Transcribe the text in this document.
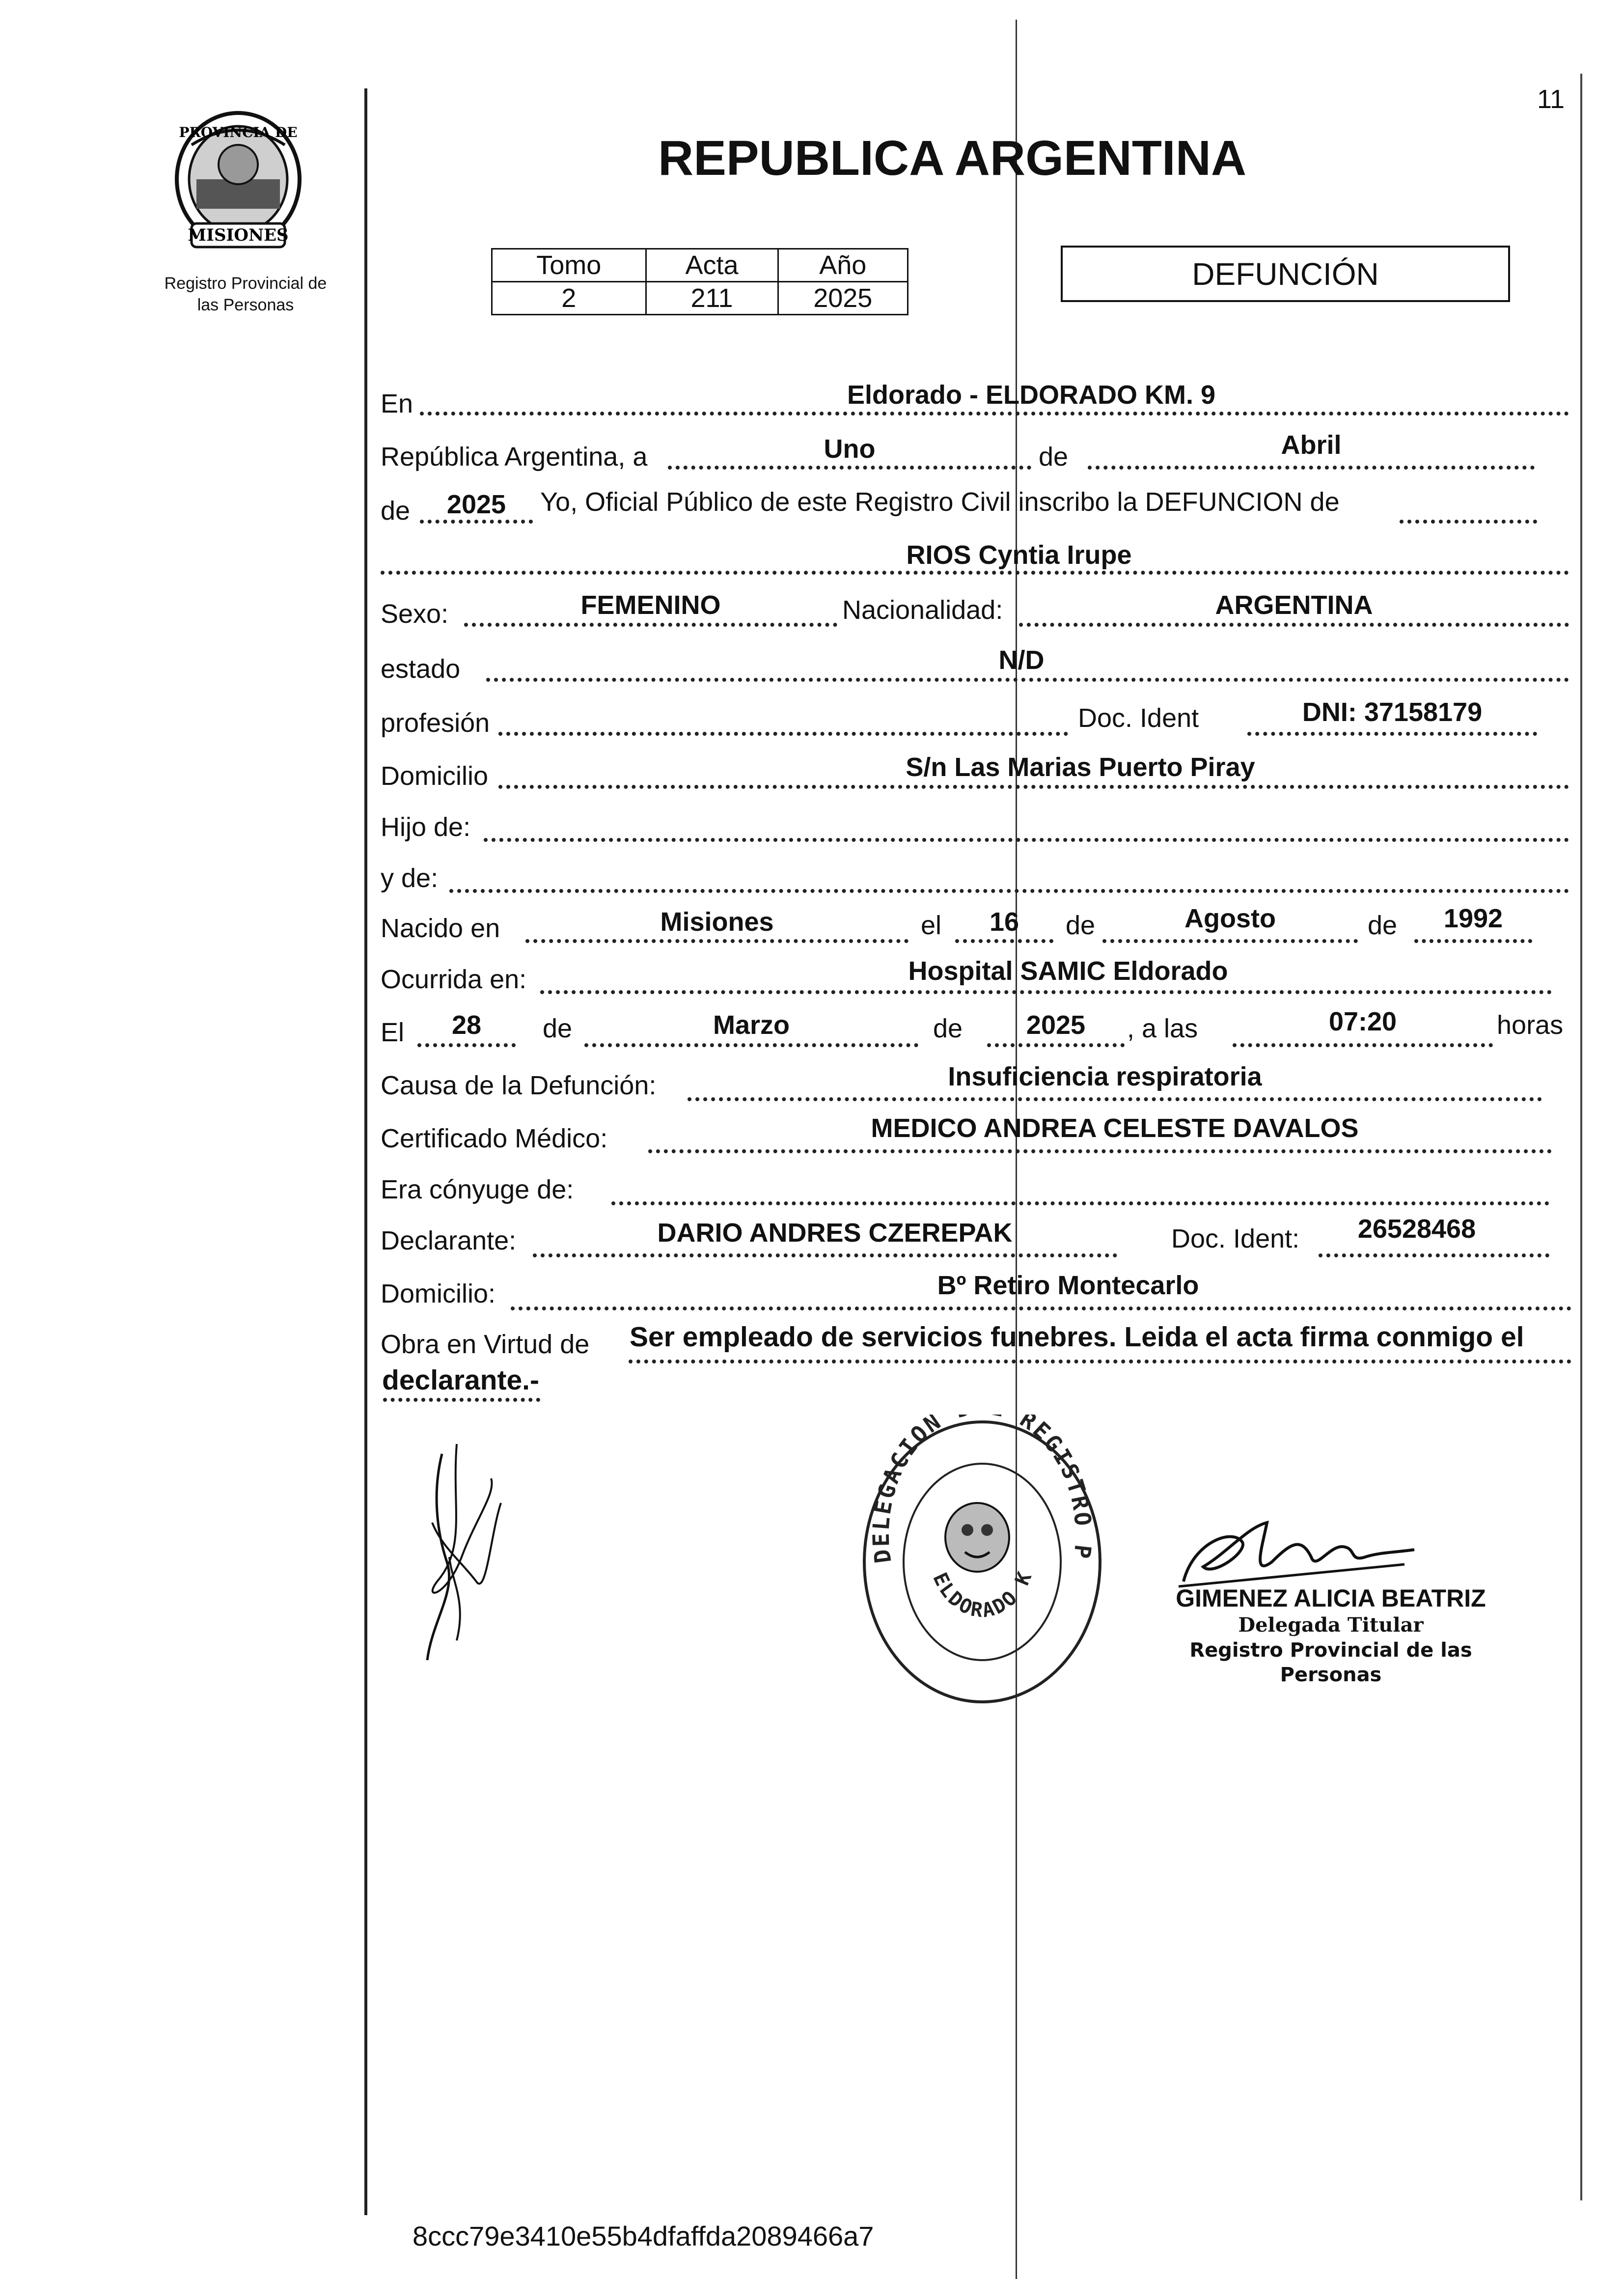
11
PROVINCIA DE
MISIONES
Registro Provincial de
las Personas
REPUBLICA ARGENTINA
Tomo	Acta	Año
2	211	2025
DEFUNCIÓN
En	Eldorado - ELDORADO KM. 9
República Argentina, a	Uno	de	Abril
de	2025	Yo, Oficial Público de este Registro Civil inscribo la DEFUNCION de
RIOS Cyntia Irupe
Sexo:	FEMENINO	Nacionalidad:	ARGENTINA
estado	N/D
profesión	Doc. Ident	DNI: 37158179
Domicilio	S/n Las Marias Puerto Piray
Hijo de:
y de:
Nacido en	Misiones	el	16	de	Agosto	de	1992
Ocurrida en:	Hospital SAMIC Eldorado
El	28	de	Marzo	de	2025	, a las	07:20	horas
Causa de la Defunción:	Insuficiencia respiratoria
Certificado Médico:	MEDICO ANDREA CELESTE DAVALOS
Era cónyuge de:
Declarante:	DARIO ANDRES CZEREPAK	Doc. Ident:	26528468
Domicilio:	Bº Retiro Montecarlo
Obra en Virtud de Ser empleado de servicios funebres. Leida el acta firma conmigo el
declarante.-
DELEGACION REGISTRO P
ELDORADO K
GIMENEZ ALICIA BEATRIZ
Delegada Titular
Registro Provincial de las Personas
8ccc79e3410e55b4dfaffda2089466a7
